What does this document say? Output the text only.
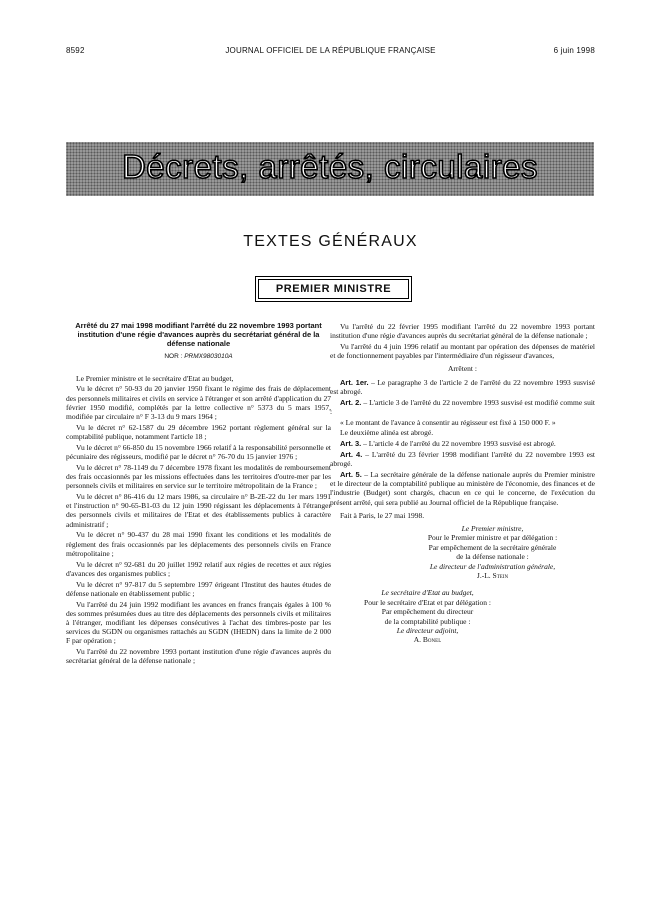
8592	JOURNAL OFFICIEL DE LA RÉPUBLIQUE FRANÇAISE	6 juin 1998
Décrets, arrêtés, circulaires
TEXTES GÉNÉRAUX
PREMIER MINISTRE
Arrêté du 27 mai 1998 modifiant l'arrêté du 22 novembre 1993 portant institution d'une régie d'avances auprès du secrétariat général de la défense nationale
NOR : PRMX9803010A

Le Premier ministre et le secrétaire d'Etat au budget,

Vu le décret n° 50-93 du 20 janvier 1950 fixant le régime des frais de déplacement des personnels militaires et civils en service à l'étranger et son arrêté d'application du 27 février 1950 modifié, complétés par la lettre collective n° 5373 du 5 mars 1957, modifiée par circulaire n° F 3-13 du 9 mars 1964 ;

Vu le décret n° 62-1587 du 29 décembre 1962 portant règlement général sur la comptabilité publique, notamment l'article 18 ;

Vu le décret n° 66-850 du 15 novembre 1966 relatif à la responsabilité personnelle et pécuniaire des régisseurs, modifié par le décret n° 76-70 du 15 janvier 1976 ;

Vu le décret n° 78-1149 du 7 décembre 1978 fixant les modalités de remboursement des frais occasionnés par les missions effectuées dans les territoires d'outre-mer par les personnels civils et militaires en service sur le territoire métropolitain de la France ;

Vu le décret n° 86-416 du 12 mars 1986, sa circulaire n° B-2E-22 du 1er mars 1991 et l'instruction n° 90-65-B1-03 du 12 juin 1990 régissant les déplacements à l'étranger des personnels civils et militaires de l'Etat et des établissements publics à caractère administratif ;

Vu le décret n° 90-437 du 28 mai 1990 fixant les conditions et les modalités de règlement des frais occasionnés par les déplacements des personnels civils en France métropolitaine ;

Vu le décret n° 92-681 du 20 juillet 1992 relatif aux régies de recettes et aux régies d'avances des organismes publics ;

Vu le décret n° 97-817 du 5 septembre 1997 érigeant l'Institut des hautes études de défense nationale en établissement public ;

Vu l'arrêté du 24 juin 1992 modifiant les avances en francs français égales à 100 % des sommes présumées dues au titre des déplacements des personnels civils et militaires à l'étranger, modifiant les dépenses consécutives à l'achat des timbres-poste par les services du SGDN ou organismes rattachés au SGDN (IHEDN) dans la limite de 2 000 F par opération ;

Vu l'arrêté du 22 novembre 1993 portant institution d'une régie d'avances auprès du secrétariat général de la défense nationale ;

Vu l'arrêté du 22 février 1995 modifiant l'arrêté du 22 novembre 1993 portant institution d'une régie d'avances auprès du secrétariat général de la défense nationale ;

Vu l'arrêté du 4 juin 1996 relatif au montant par opération des dépenses de matériel et de fonctionnement payables par l'intermédiaire d'un régisseur d'avances,

Arrêtent :

Art. 1er. – Le paragraphe 3 de l'article 2 de l'arrêté du 22 novembre 1993 susvisé est abrogé.

Art. 2. – L'article 3 de l'arrêté du 22 novembre 1993 susvisé est modifié comme suit :

« Le montant de l'avance à consentir au régisseur est fixé à 150 000 F. »

Le deuxième alinéa est abrogé.

Art. 3. – L'article 4 de l'arrêté du 22 novembre 1993 susvisé est abrogé.

Art. 4. – L'arrêté du 23 février 1998 modifiant l'arrêté du 22 novembre 1993 est abrogé.

Art. 5. – La secrétaire générale de la défense nationale auprès du Premier ministre et le directeur de la comptabilité publique au ministère de l'économie, des finances et de l'industrie (Budget) sont chargés, chacun en ce qui le concerne, de l'exécution du présent arrêté, qui sera publié au Journal officiel de la République française.

Fait à Paris, le 27 mai 1998.

Le Premier ministre,
Pour le Premier ministre et par délégation :
Par empêchement de la secrétaire générale
de la défense nationale :
Le directeur de l'administration générale,
J.-L. Stein
Le secrétaire d'Etat au budget,
Pour le secrétaire d'Etat et par délégation :
Par empêchement du directeur
de la comptabilité publique :
Le directeur adjoint,
A. Bonel
